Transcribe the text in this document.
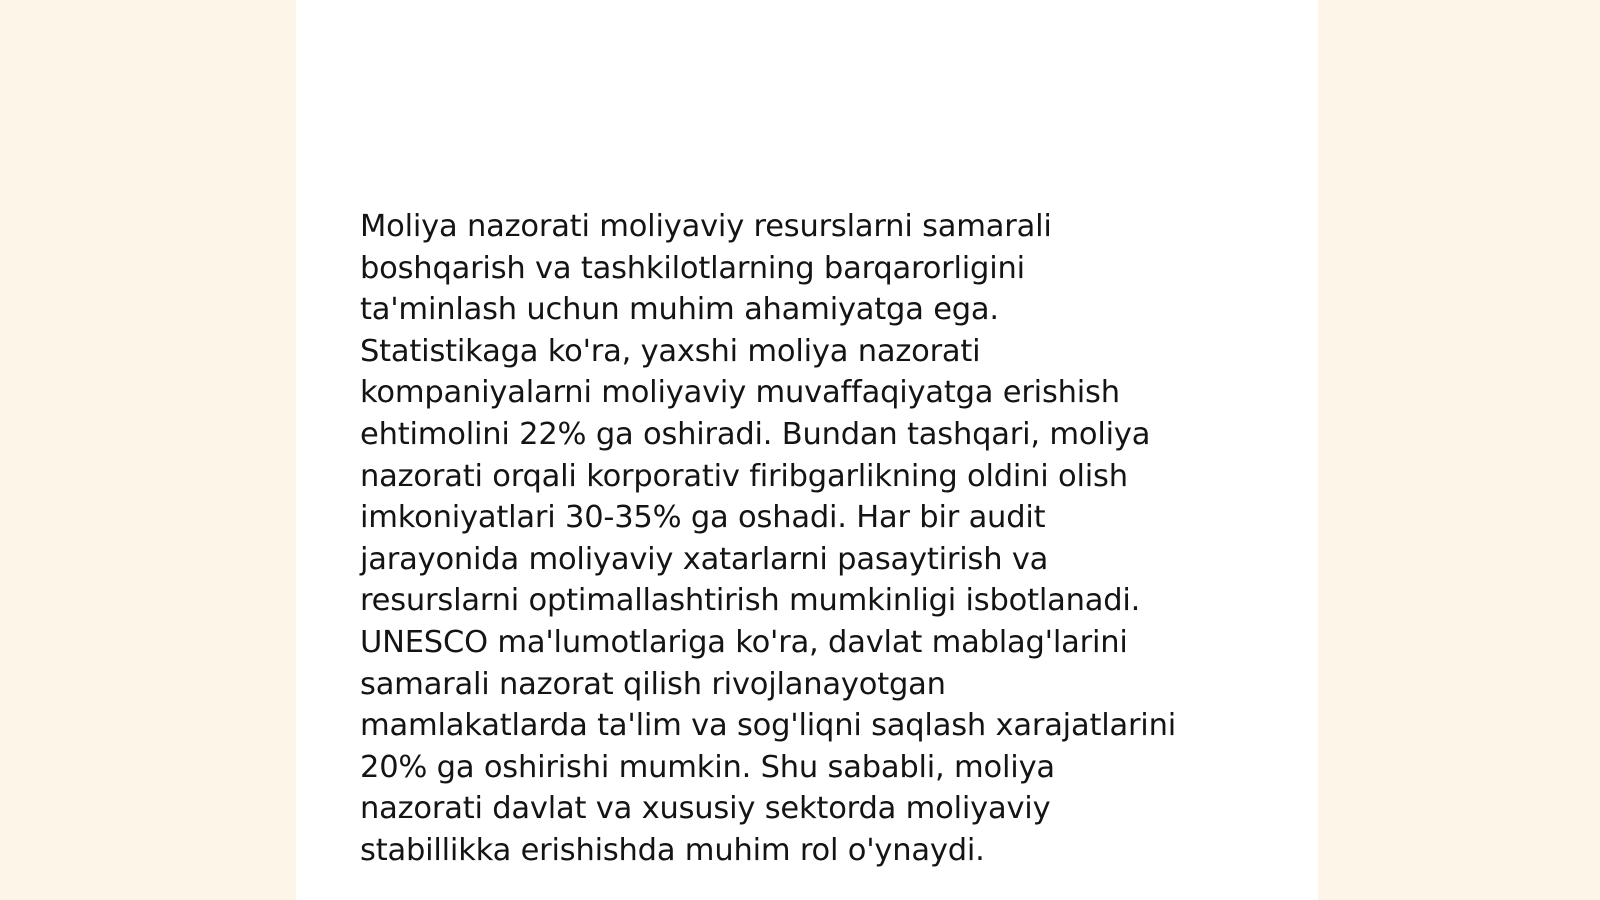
Moliya nazorati moliyaviy resurslarni samarali
boshqarish va tashkilotlarning barqarorligini
ta'minlash uchun muhim ahamiyatga ega.
Statistikaga ko'ra, yaxshi moliya nazorati
kompaniyalarni moliyaviy muvaffaqiyatga erishish
ehtimolini 22% ga oshiradi. Bundan tashqari, moliya
nazorati orqali korporativ firibgarlikning oldini olish
imkoniyatlari 30-35% ga oshadi. Har bir audit
jarayonida moliyaviy xatarlarni pasaytirish va
resurslarni optimallashtirish mumkinligi isbotlanadi.
UNESCO ma'lumotlariga ko'ra, davlat mablag'larini
samarali nazorat qilish rivojlanayotgan
mamlakatlarda ta'lim va sog'liqni saqlash xarajatlarini
20% ga oshirishi mumkin. Shu sababli, moliya
nazorati davlat va xususiy sektorda moliyaviy
stabillikka erishishda muhim rol o'ynaydi.
